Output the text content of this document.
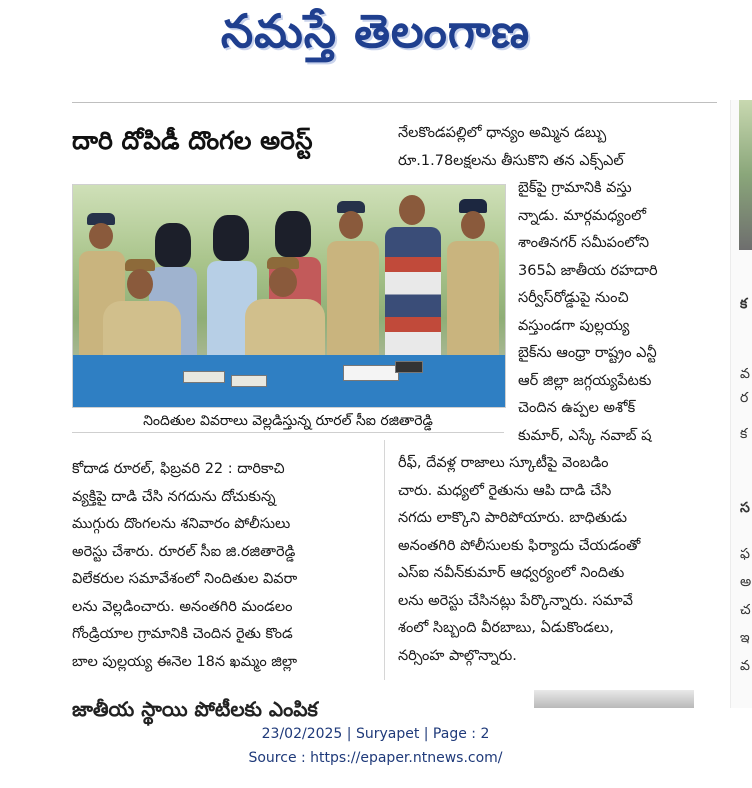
నమస్తే తెలంగాణ
దారి దోపిడీ దొంగల అరెస్ట్
నిందితుల వివరాలు వెల్లడిస్తున్న రూరల్ సీఐ రజితారెడ్డి
కోదాడ రూరల్, ఫిబ్రవరి 22 : దారికాచి
వ్యక్తిపై దాడి చేసి నగదును దోచుకున్న
ముగ్గురు దొంగలను శనివారం పోలీసులు
అరెస్టు చేశారు. రూరల్ సీఐ జి.రజితారెడ్డి
విలేకరుల సమావేశంలో నిందితుల వివరా
లను వెల్లడించారు. అనంతగిరి మండలం
గోండ్రియాల గ్రామానికి చెందిన రైతు కొండ
బాల పుల్లయ్య ఈనెల 18న ఖమ్మం జిల్లా
నేలకొండపల్లిలో ధాన్యం అమ్మిన డబ్బు
రూ.1.78లక్షలను తీసుకొని తన ఎక్స్ఎల్
బైక్‌పై గ్రామానికి వస్తు
న్నాడు. మార్గమధ్యంలో
శాంతినగర్ సమీపంలోని
365ఏ జాతీయ రహదారి
సర్వీస్‌రోడ్డుపై నుంచి
వస్తుండగా పుల్లయ్య
బైక్‌ను ఆంధ్రా రాష్ట్రం ఎన్టీ
ఆర్ జిల్లా జగ్గయ్యపేటకు
చెందిన ఉప్పల అశోక్
కుమార్, ఎస్కే నవాబ్ ష
రీఫ్, దేవళ్ల రాజాలు స్కూటీపై వెంబడిం
చారు. మధ్యలో రైతును ఆపి దాడి చేసి
నగదు లాక్కొని పారిపోయారు. బాధితుడు
అనంతగిరి పోలీసులకు ఫిర్యాదు చేయడంతో
ఎస్ఐ నవీన్‌కుమార్ ఆధ్వర్యంలో నిందితు
లను అరెస్టు చేసినట్లు పేర్కొన్నారు. సమావే
శంలో సిబ్బంది వీరబాబు, ఏడుకొండలు,
నర్సింహ పాల్గొన్నారు.
జాతీయ స్థాయి పోటీలకు ఎంపిక
క
వ
ర
క
స
ఫ
అ
చ
ఇ
వ
23/02/2025 | Suryapet | Page : 2
Source : https://epaper.ntnews.com/
